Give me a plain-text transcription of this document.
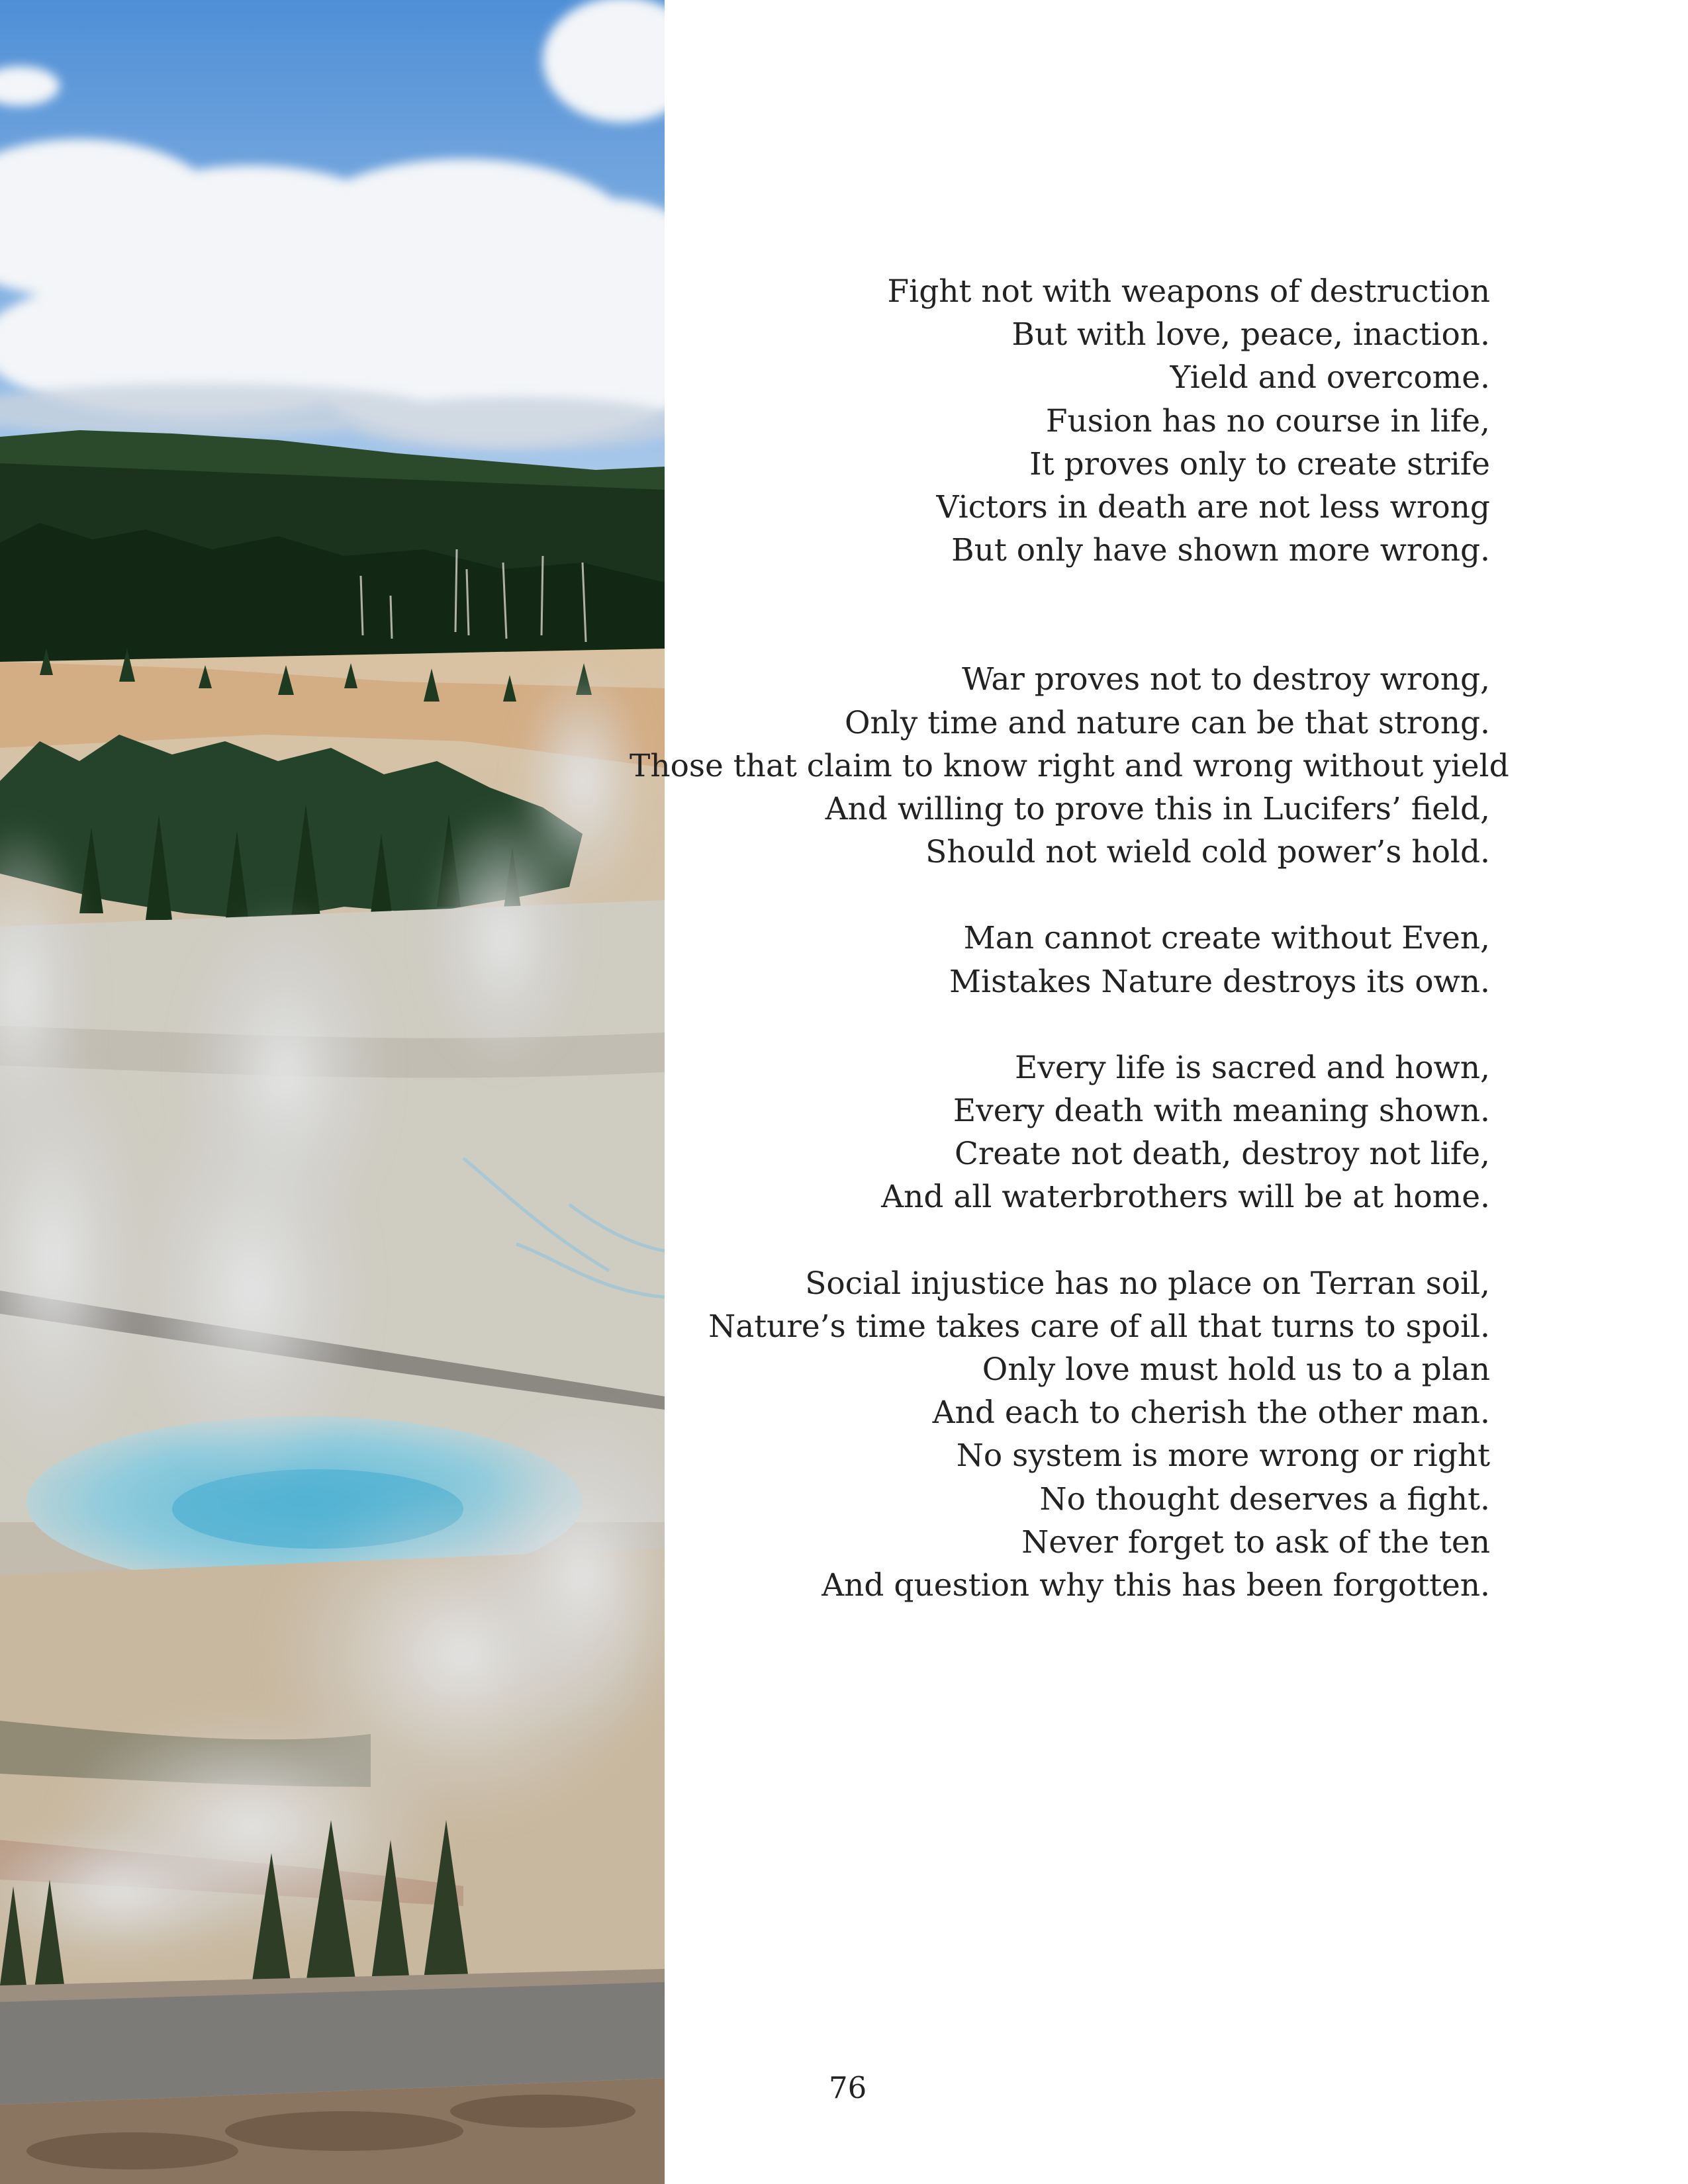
Fight not with weapons of destruction
But with love, peace, inaction.
Yield and overcome.
Fusion has no course in life,
It proves only to create strife
Victors in death are not less wrong
But only have shown more wrong.

War proves not to destroy wrong,
Only time and nature can be that strong.
Those that claim to know right and wrong without yield
And willing to prove this in Lucifers’ field,
Should not wield cold power’s hold.

Man cannot create without Even,
Mistakes Nature destroys its own.

Every life is sacred and hown,
Every death with meaning shown.
Create not death, destroy not life,
And all waterbrothers will be at home.

Social injustice has no place on Terran soil,
Nature’s time takes care of all that turns to spoil.
Only love must hold us to a plan
And each to cherish the other man.
No system is more wrong or right
No thought deserves a fight.
Never forget to ask of the ten
And question why this has been forgotten.

76
